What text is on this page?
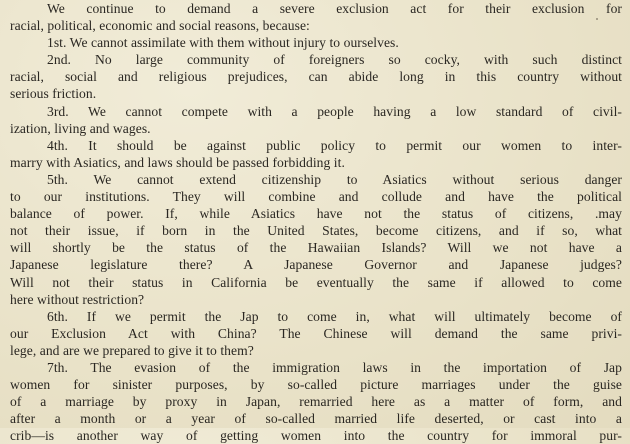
We continue to demand a severe exclusion act for their exclusion for
racial, political, economic and social reasons, because:
1st. We cannot assimilate with them without injury to ourselves.
2nd. No large community of foreigners so cocky, with such distinct
racial, social and religious prejudices, can abide long in this country without
serious friction.
3rd. We cannot compete with a people having a low standard of civil-
ization, living and wages.
4th. It should be against public policy to permit our women to inter-
marry with Asiatics, and laws should be passed forbidding it.
5th. We cannot extend citizenship to Asiatics without serious danger
to our institutions. They will combine and collude and have the political
balance of power. If, while Asiatics have not the status of citizens, .may
not their issue, if born in the United States, become citizens, and if so, what
will shortly be the status of the Hawaiian Islands? Will we not have a
Japanese legislature there? A Japanese Governor and Japanese judges?
Will not their status in California be eventually the same if allowed to come
here without restriction?
6th. If we permit the Jap to come in, what will ultimately become of
our Exclusion Act with China? The Chinese will demand the same privi-
lege, and are we prepared to give it to them?
7th. The evasion of the immigration laws in the importation of Jap
women for sinister purposes, by so-called picture marriages under the guise
of a marriage by proxy in Japan, remarried here as a matter of form, and
after a month or a year of so-called married life deserted, or cast into a
crib—is another way of getting women into the country for immoral pur-
